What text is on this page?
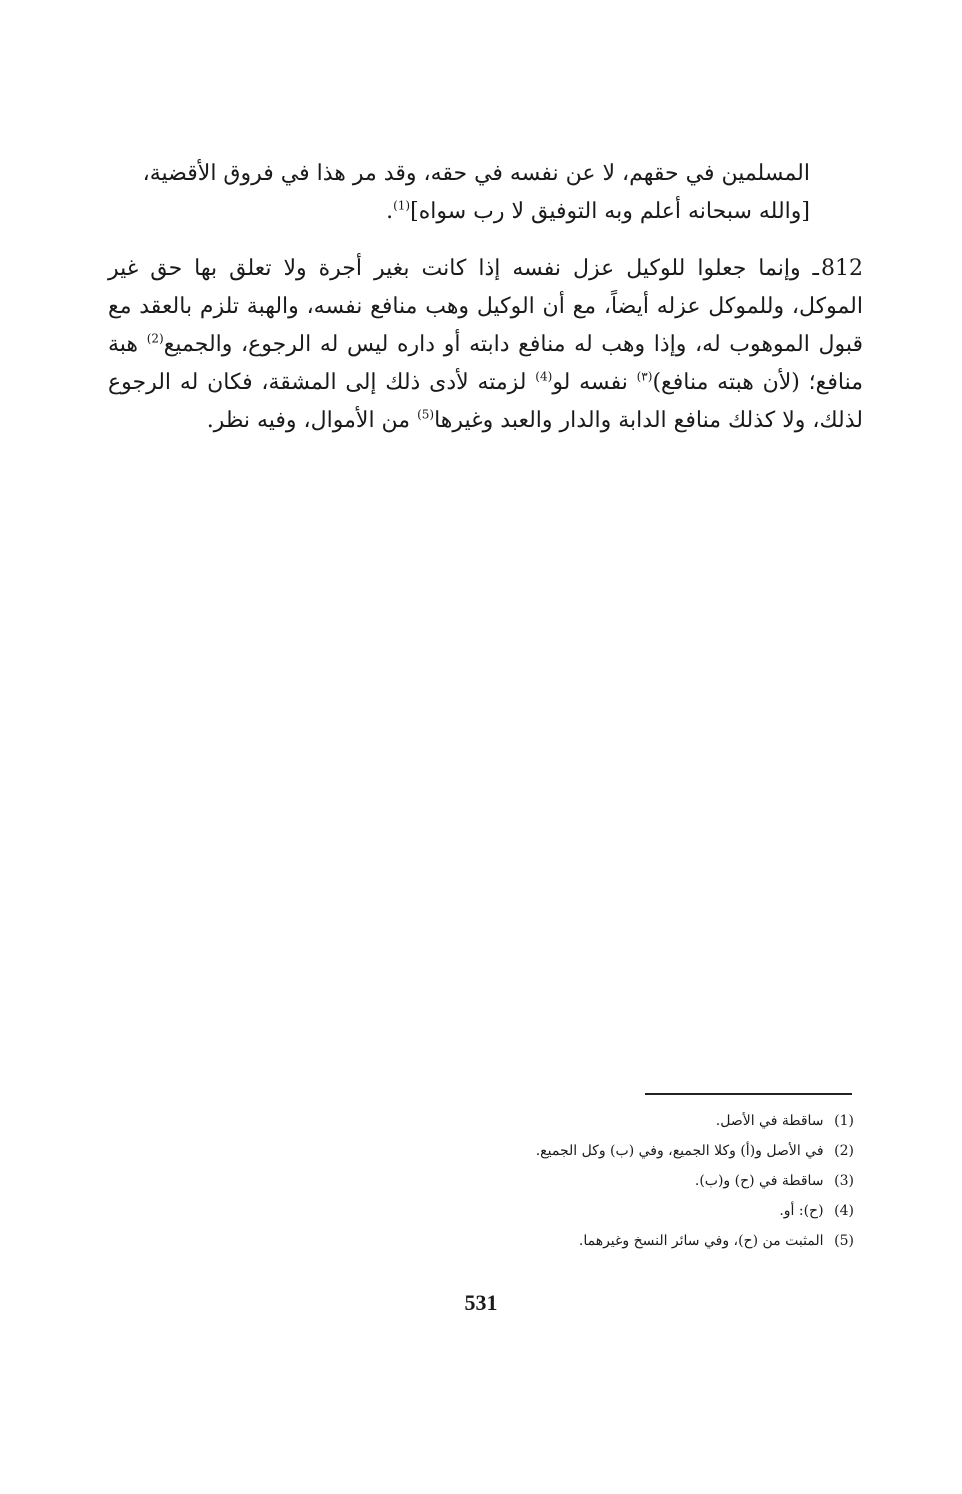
المسلمين في حقهم، لا عن نفسه في حقه، وقد مر هذا في فروق الأقضية،
[والله سبحانه أعلم وبه التوفيق لا رب سواه]$^{(1)}$.
812ـ وإنما جعلوا للوكيل عزل نفسه إذا كانت بغير أجرة ولا تعلق بها حق غير الموكل، وللموكل عزله أيضاً، مع أن الوكيل وهب منافع نفسه، والهبة تلزم بالعقد مع قبول الموهوب له، وإذا وهب له منافع دابته أو داره ليس له الرجوع، والجميع$^{(2)}$ هبة منافع؛ (لأن هبته منافع)$^{(٣)}$ نفسه لو$^{(4)}$ لزمته لأدى ذلك إلى المشقة، فكان له الرجوع لذلك، ولا كذلك منافع الدابة والدار والعبد وغيرها$^{(5)}$ من الأموال، وفيه نظر.
(1) ساقطة في الأصل.
(2) في الأصل و(أ) وكلا الجميع، وفي (ب) وكل الجميع.
(3) ساقطة في (ح) و(ب).
(4) (ح): أو.
(5) المثبت من (ح)، وفي سائر النسخ وغيرهما.
531
